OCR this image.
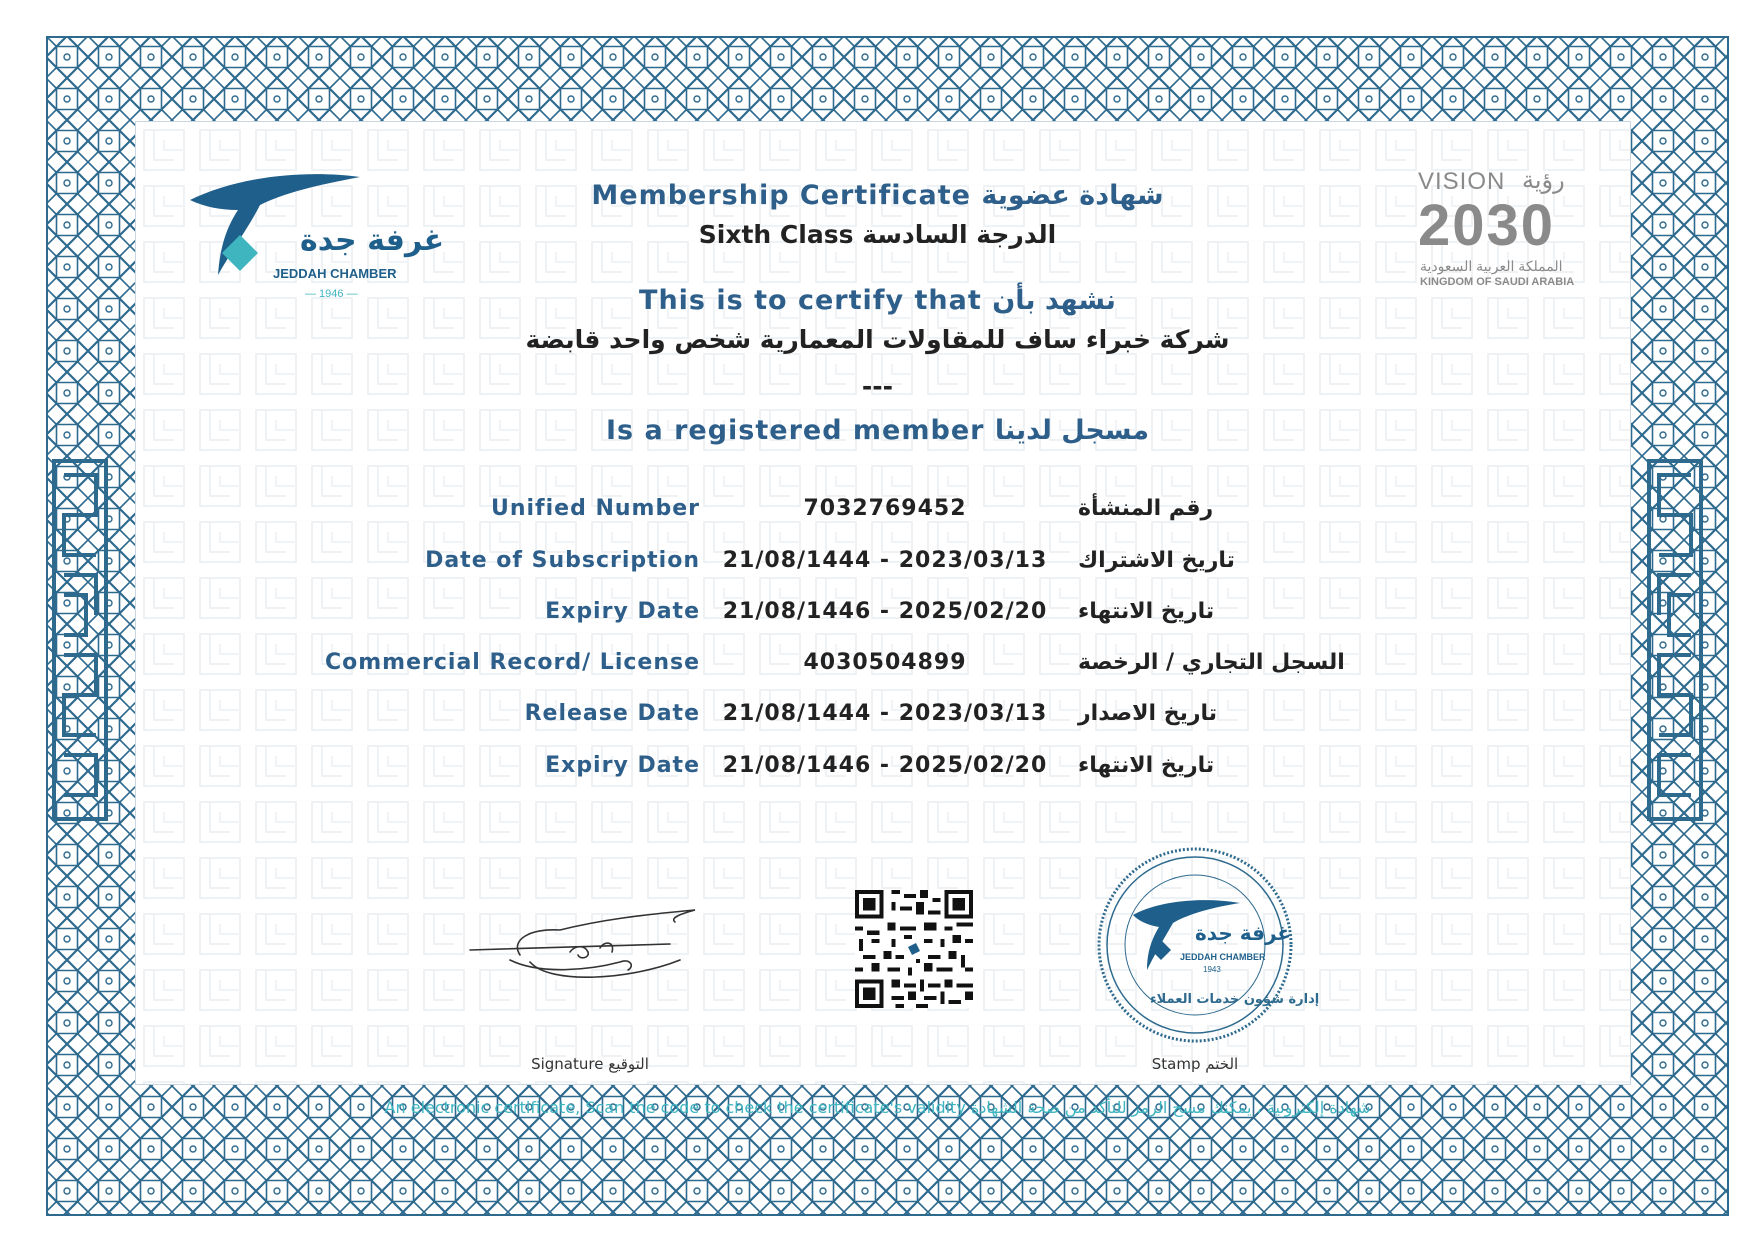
غرفة جدة
JEDDAH CHAMBER
— 1946 —
VISION رؤية
2030
المملكة العربية السعودية
KINGDOM OF SAUDI ARABIA
Membership Certificate شهادة عضوية
Sixth Class الدرجة السادسة
This is to certify that نشهد بأن
شركة خبراء ساف للمقاولات المعمارية شخص واحد قابضة
---
Is a registered member مسجل لدينا
Unified Number	7032769452	رقم المنشأة
Date of Subscription 21/08/1444 - 2023/03/13 تاريخ الاشتراك
Expiry Date 21/08/1446 - 2025/02/20 تاريخ الانتهاء
Commercial Record/ License	4030504899	السجل التجاري / الرخصة
Release Date 21/08/1444 - 2023/03/13 تاريخ الاصدار
Expiry Date 21/08/1446 - 2025/02/20 تاريخ الانتهاء
Signature التوقيع
غرفة جدة
JEDDAH CHAMBER
1943
إدارة شؤون خدمات العملاء
Stamp الختم
An electronic certificate, Scan the code to check the certificate's validity شهادة إلكترونية ، يمكنك مسح الرمز للتأكد من صحة الشهادة
